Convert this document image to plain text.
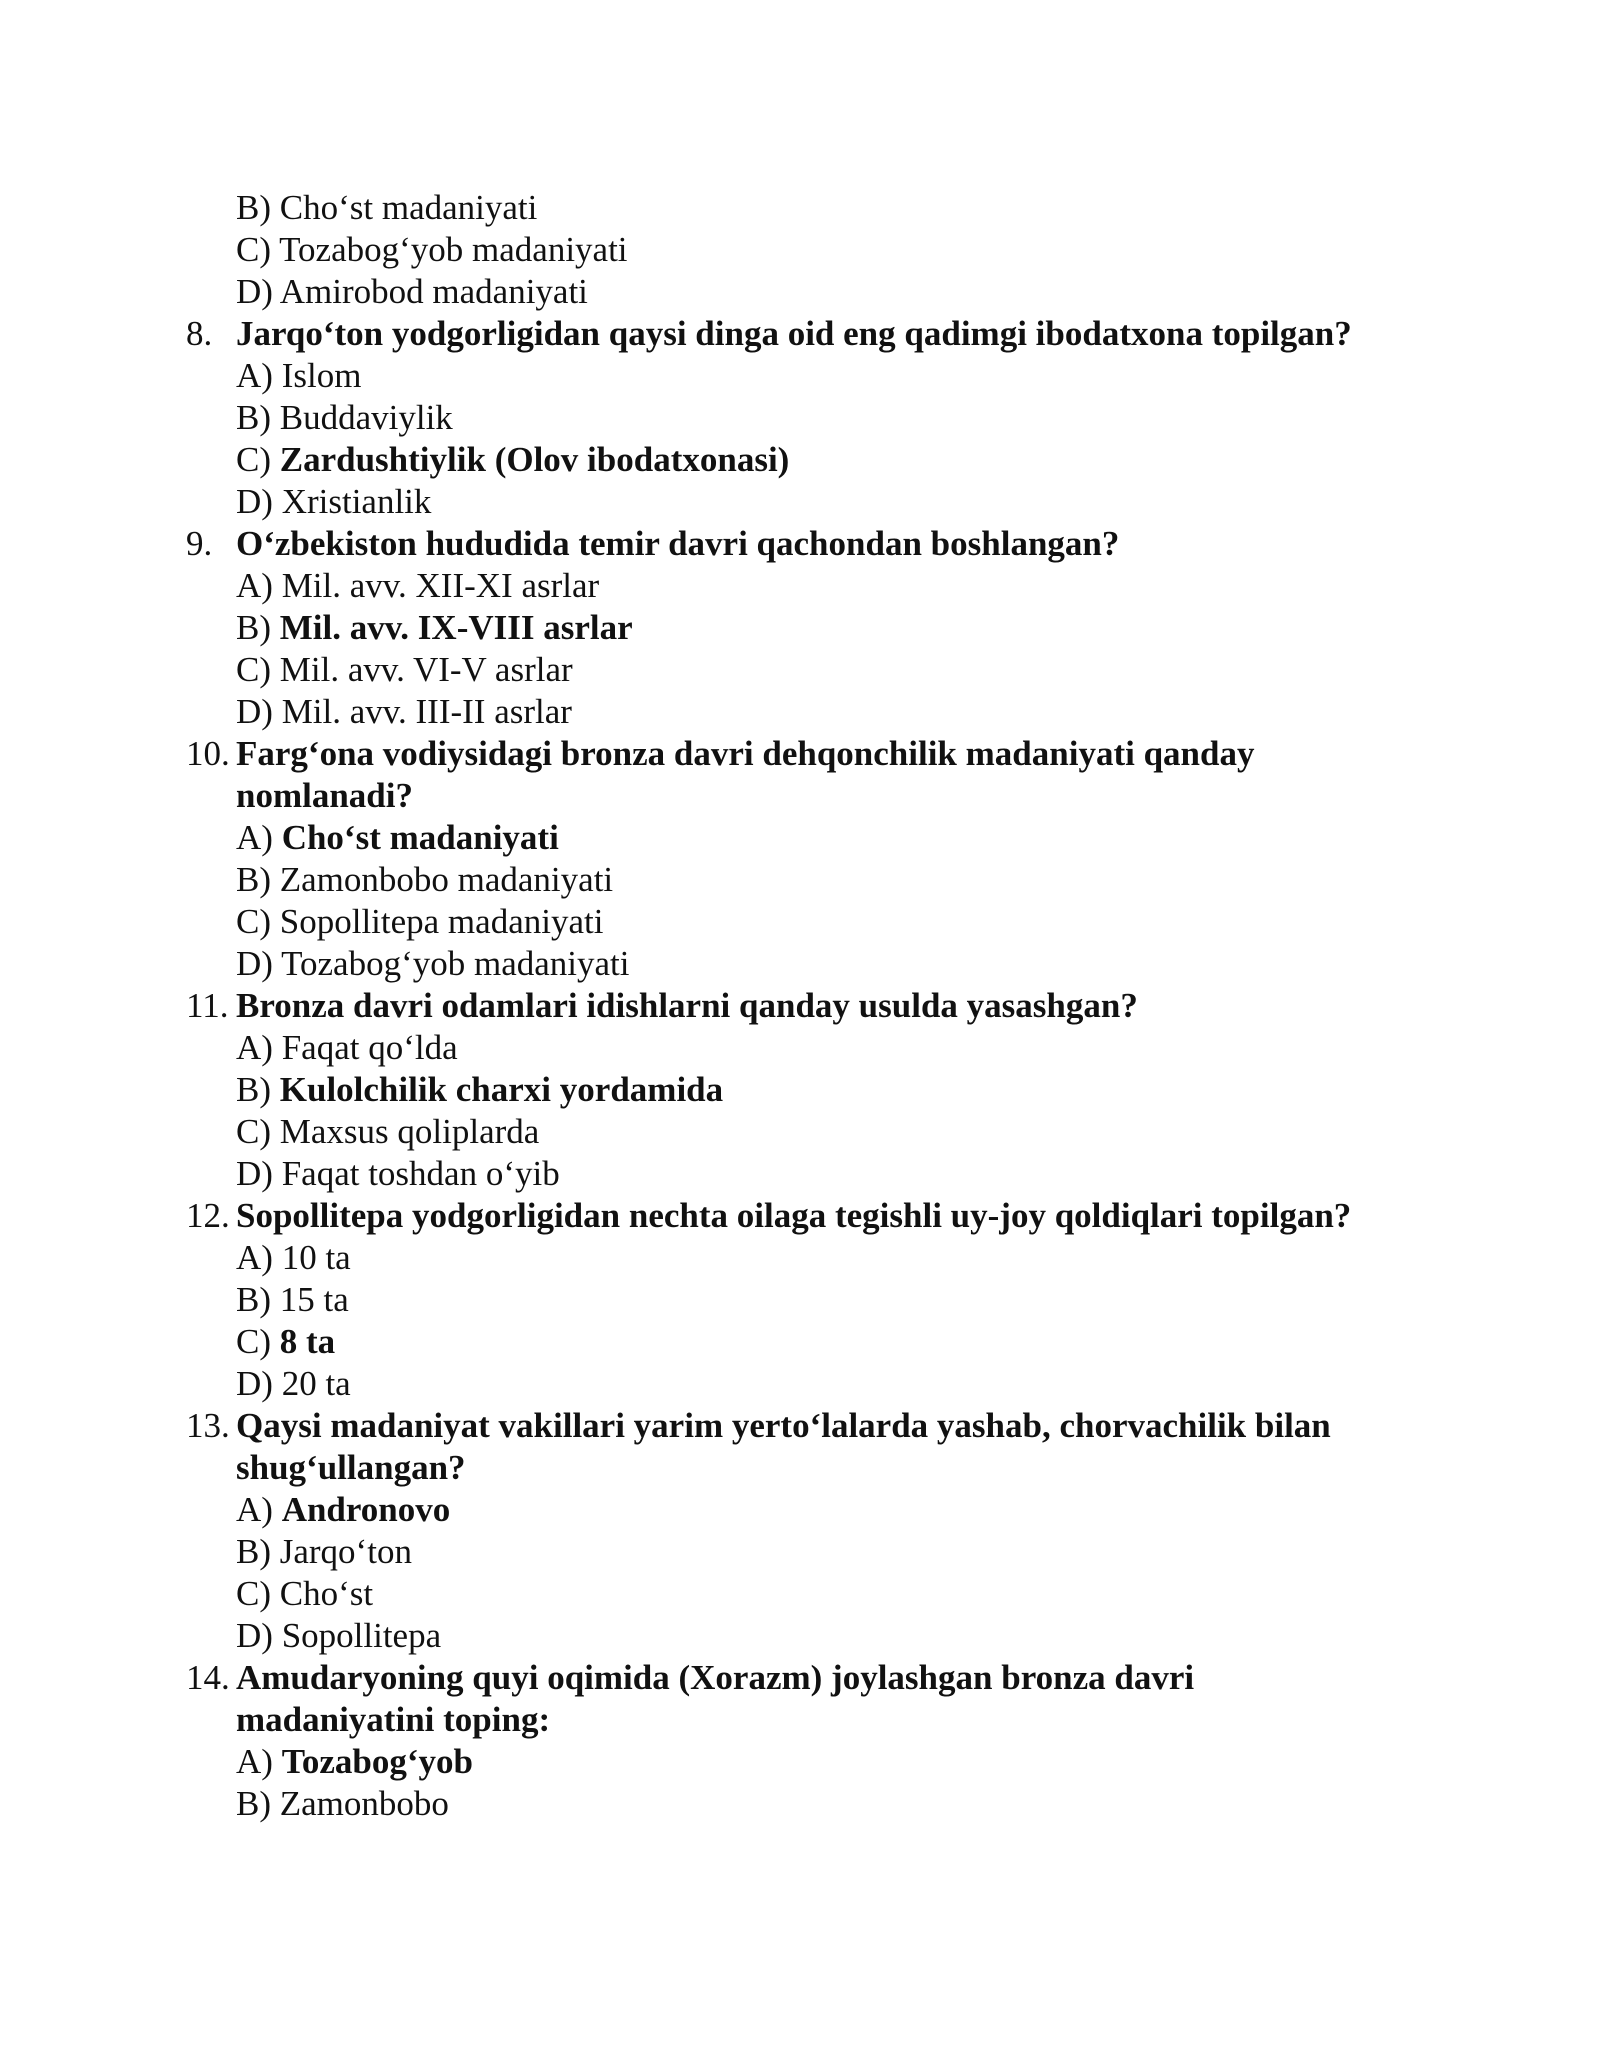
B) Cho‘st madaniyati
C) Tozabog‘yob madaniyati
D) Amirobod madaniyati
8. Jarqo‘ton yodgorligidan qaysi dinga oid eng qadimgi ibodatxona topilgan?
A) Islom
B) Buddaviylik
C) Zardushtiylik (Olov ibodatxonasi)
D) Xristianlik
9. O‘zbekiston hududida temir davri qachondan boshlangan?
A) Mil. avv. XII-XI asrlar
B) Mil. avv. IX-VIII asrlar
C) Mil. avv. VI-V asrlar
D) Mil. avv. III-II asrlar
10. Farg‘ona vodiysidagi bronza davri dehqonchilik madaniyati qanday
nomlanadi?
A) Cho‘st madaniyati
B) Zamonbobo madaniyati
C) Sopollitepa madaniyati
D) Tozabog‘yob madaniyati
11. Bronza davri odamlari idishlarni qanday usulda yasashgan?
A) Faqat qo‘lda
B) Kulolchilik charxi yordamida
C) Maxsus qoliplarda
D) Faqat toshdan o‘yib
12. Sopollitepa yodgorligidan nechta oilaga tegishli uy-joy qoldiqlari topilgan?
A) 10 ta
B) 15 ta
C) 8 ta
D) 20 ta
13. Qaysi madaniyat vakillari yarim yerto‘lalarda yashab, chorvachilik bilan
shug‘ullangan?
A) Andronovo
B) Jarqo‘ton
C) Cho‘st
D) Sopollitepa
14. Amudaryoning quyi oqimida (Xorazm) joylashgan bronza davri
madaniyatini toping:
A) Tozabog‘yob
B) Zamonbobo
